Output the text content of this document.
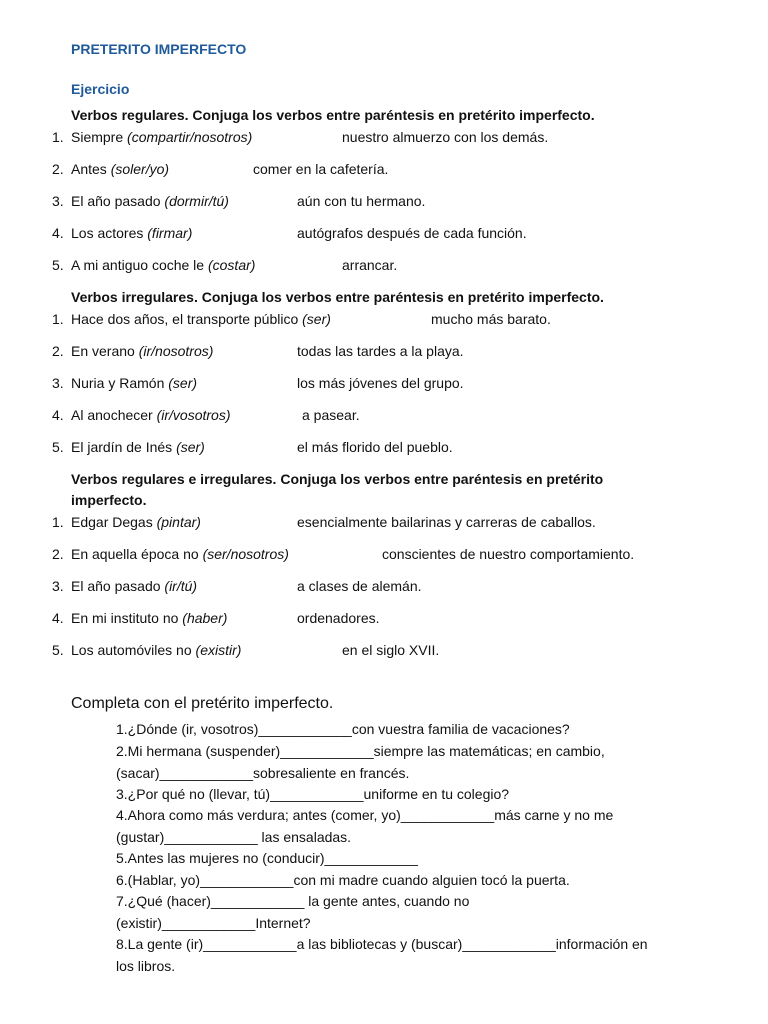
PRETERITO IMPERFECTO
Ejercicio
Verbos regulares. Conjuga los verbos entre paréntesis en pretérito imperfecto.
1. Siempre (compartir/nosotros)	nuestro almuerzo con los demás.
2. Antes (soler/yo)	comer en la cafetería.
3. El año pasado (dormir/tú)	aún con tu hermano.
4. Los actores (firmar)	autógrafos después de cada función.
5. A mi antiguo coche le (costar)	arrancar.
Verbos irregulares. Conjuga los verbos entre paréntesis en pretérito imperfecto.
1. Hace dos años, el transporte público (ser)	mucho más barato.
2. En verano (ir/nosotros)	todas las tardes a la playa.
3. Nuria y Ramón (ser)	los más jóvenes del grupo.
4. Al anochecer (ir/vosotros)	a pasear.
5. El jardín de Inés (ser)	el más florido del pueblo.
Verbos regulares e irregulares. Conjuga los verbos entre paréntesis en pretérito imperfecto.
1. Edgar Degas (pintar)	esencialmente bailarinas y carreras de caballos.
2. En aquella época no (ser/nosotros)	conscientes de nuestro comportamiento.
3. El año pasado (ir/tú)	a clases de alemán.
4. En mi instituto no (haber)	ordenadores.
5. Los automóviles no (existir)	en el siglo XVII.
Completa con el pretérito imperfecto.
1.¿Dónde (ir, vosotros)____________con vuestra familia de vacaciones?
2.Mi hermana (suspender)____________siempre las matemáticas; en cambio,
(sacar)____________sobresaliente en francés.
3.¿Por qué no (llevar, tú)____________uniforme en tu colegio?
4.Ahora como más verdura; antes (comer, yo)____________más carne y no me
(gustar)____________ las ensaladas.
5.Antes las mujeres no (conducir)____________
6.(Hablar, yo)____________con mi madre cuando alguien tocó la puerta.
7.¿Qué (hacer)____________ la gente antes, cuando no
(existir)____________Internet?
8.La gente (ir)____________a las bibliotecas y (buscar)____________información en
los libros.
